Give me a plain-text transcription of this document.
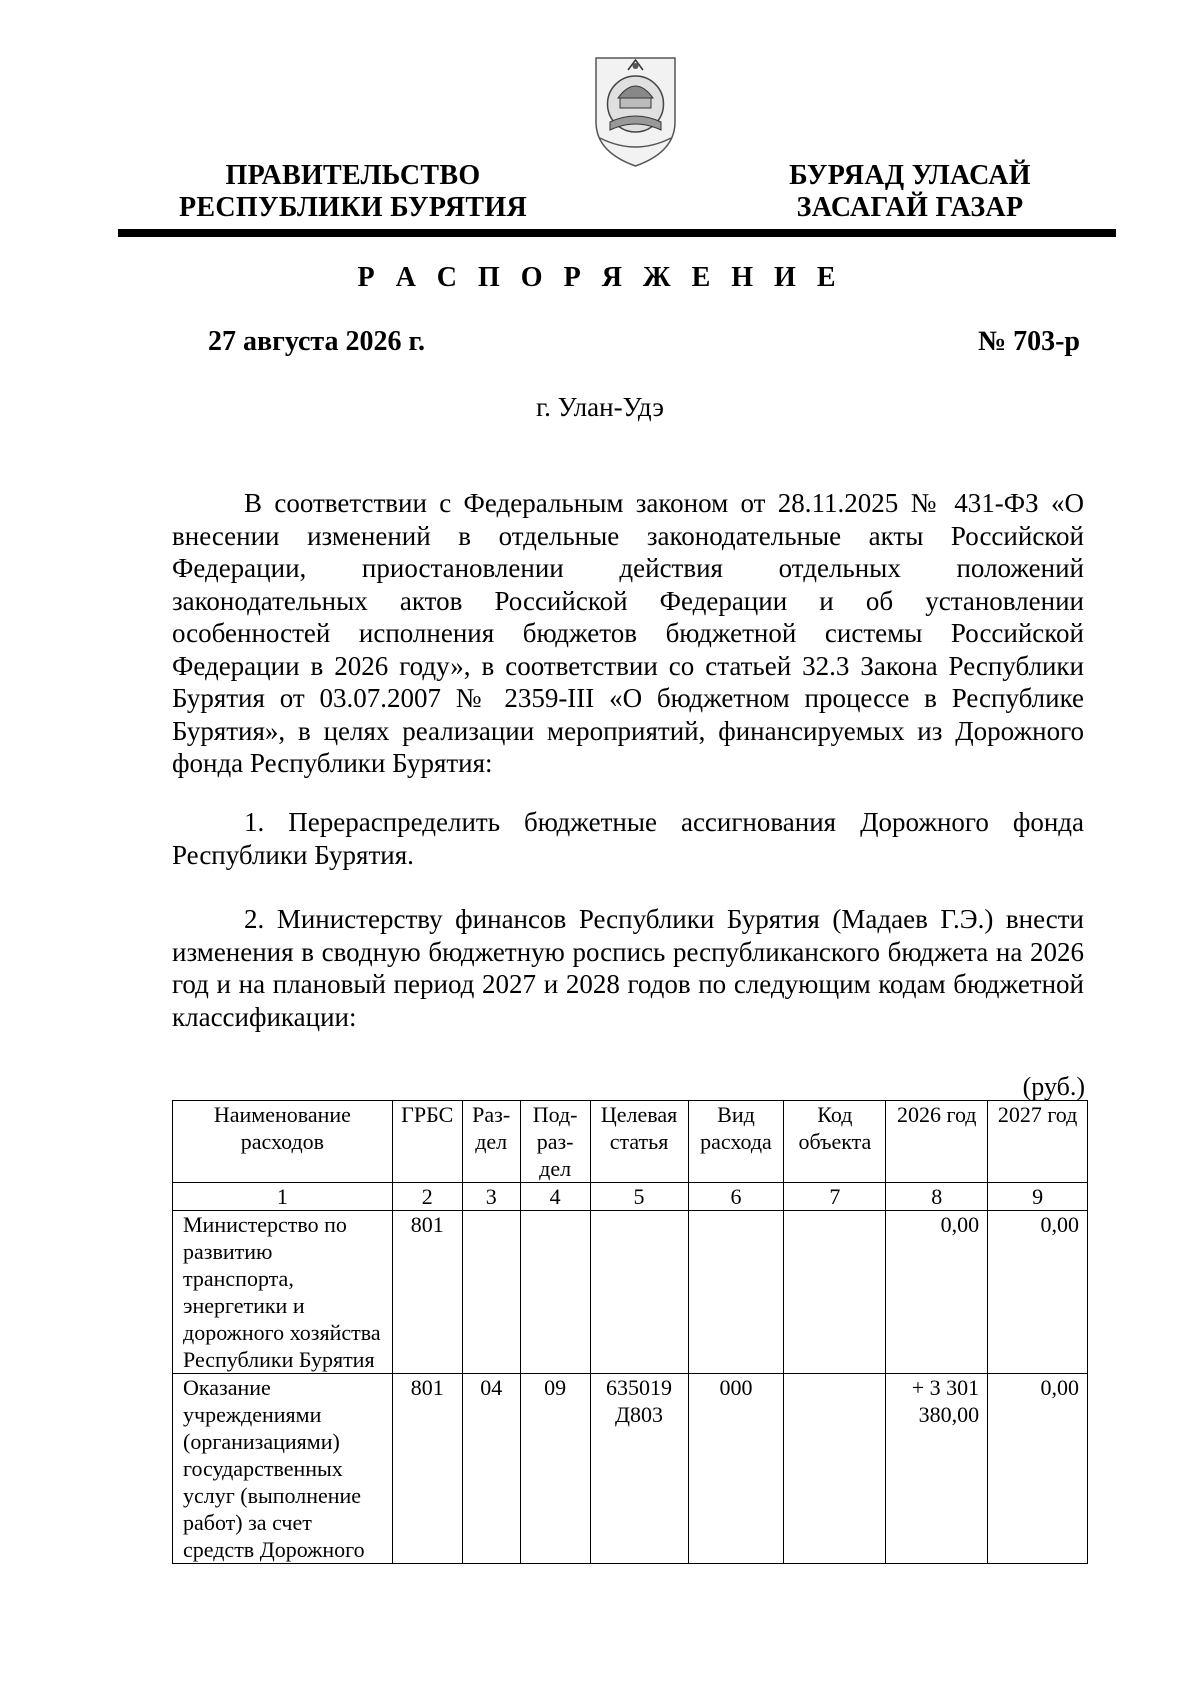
ПРАВИТЕЛЬСТВО
РЕСПУБЛИКИ БУРЯТИЯ
БУРЯАД УЛАСАЙ
ЗАСАГАЙ ГАЗАР
Р А С П О Р Я Ж Е Н И Е
27 августа 2026 г.	№ 703-р
г. Улан-Удэ

В соответствии с Федеральным законом от 28.11.2025 № 431-ФЗ «О внесении изменений в отдельные законодательные акты Российской Федерации, приостановлении действия отдельных положений законодательных актов Российской Федерации и об установлении особенностей исполнения бюджетов бюджетной системы Российской Федерации в 2026 году», в соответствии со статьей 32.3 Закона Республики Бурятия от 03.07.2007 № 2359-III «О бюджетном процессе в Республике Бурятия», в целях реализации мероприятий, финансируемых из Дорожного фонда Республики Бурятия:

1. Перераспределить бюджетные ассигнования Дорожного фонда Республики Бурятия.

2. Министерству финансов Республики Бурятия (Мадаев Г.Э.) внести изменения в сводную бюджетную роспись республиканского бюджета на 2026 год и на плановый период 2027 и 2028 годов по следующим кодам бюджетной классификации:

(руб.)
Наименование расходов	ГРБС	Раз-дел	Под-раз-дел	Целевая статья	Вид расхода	Код объекта	2026 год	2027 год
1	2	3	4	5	6	7	8	9
Министерство по развитию транспорта, энергетики и дорожного хозяйства Республики Бурятия	801						0,00	0,00
Оказание учреждениями (организациями) государственных услуг (выполнение работ) за счет средств Дорожного	801	04	09	635019 Д803	000		+ 3 301 380,00	0,00
